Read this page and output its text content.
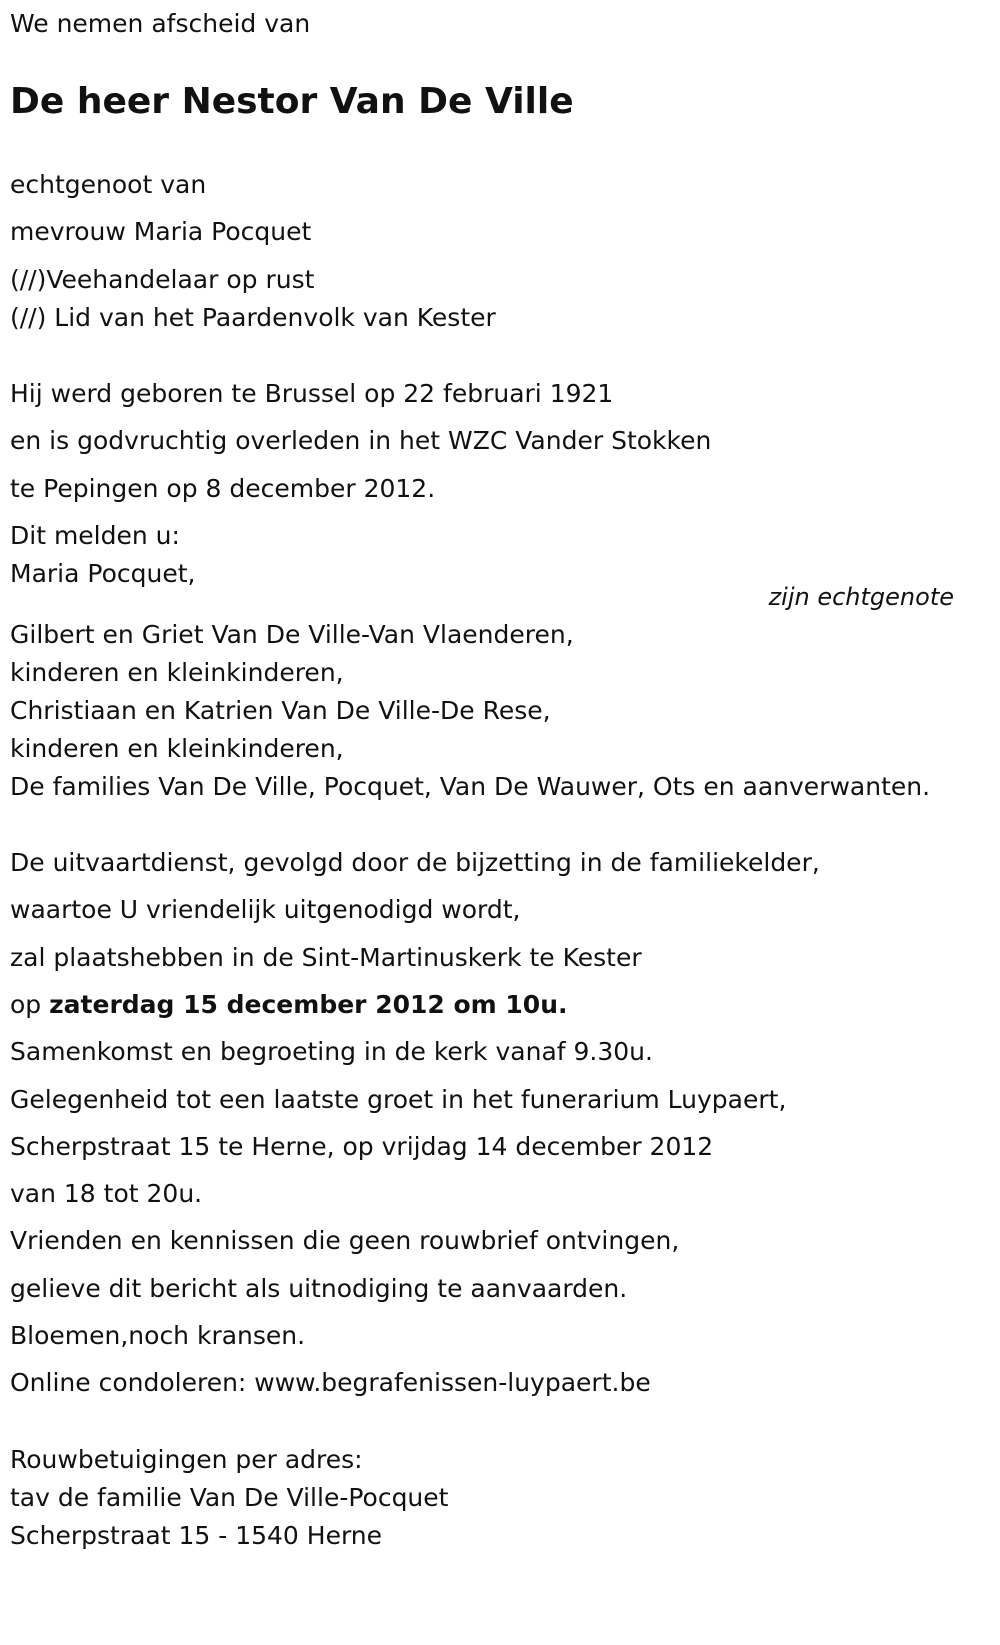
We nemen afscheid van
De heer Nestor Van De Ville
echtgenoot van
mevrouw Maria Pocquet
(//)Veehandelaar op rust
(//) Lid van het Paardenvolk van Kester
Hij werd geboren te Brussel op 22 februari 1921
en is godvruchtig overleden in het WZC Vander Stokken
te Pepingen op 8 december 2012.
Dit melden u:
Maria Pocquet,
zijn echtgenote
Gilbert en Griet Van De Ville-Van Vlaenderen,
kinderen en kleinkinderen,
Christiaan en Katrien Van De Ville-De Rese,
kinderen en kleinkinderen,
De families Van De Ville, Pocquet, Van De Wauwer, Ots en aanverwanten.
De uitvaartdienst, gevolgd door de bijzetting in de familiekelder,
waartoe U vriendelijk uitgenodigd wordt,
zal plaatshebben in de Sint-Martinuskerk te Kester
op zaterdag 15 december 2012 om 10u.
Samenkomst en begroeting in de kerk vanaf 9.30u.
Gelegenheid tot een laatste groet in het funerarium Luypaert,
Scherpstraat 15 te Herne, op vrijdag 14 december 2012
van 18 tot 20u.
Vrienden en kennissen die geen rouwbrief ontvingen,
gelieve dit bericht als uitnodiging te aanvaarden.
Bloemen,noch kransen.
Online condoleren: www.begrafenissen-luypaert.be
Rouwbetuigingen per adres:
tav de familie Van De Ville-Pocquet
Scherpstraat 15 - 1540 Herne
